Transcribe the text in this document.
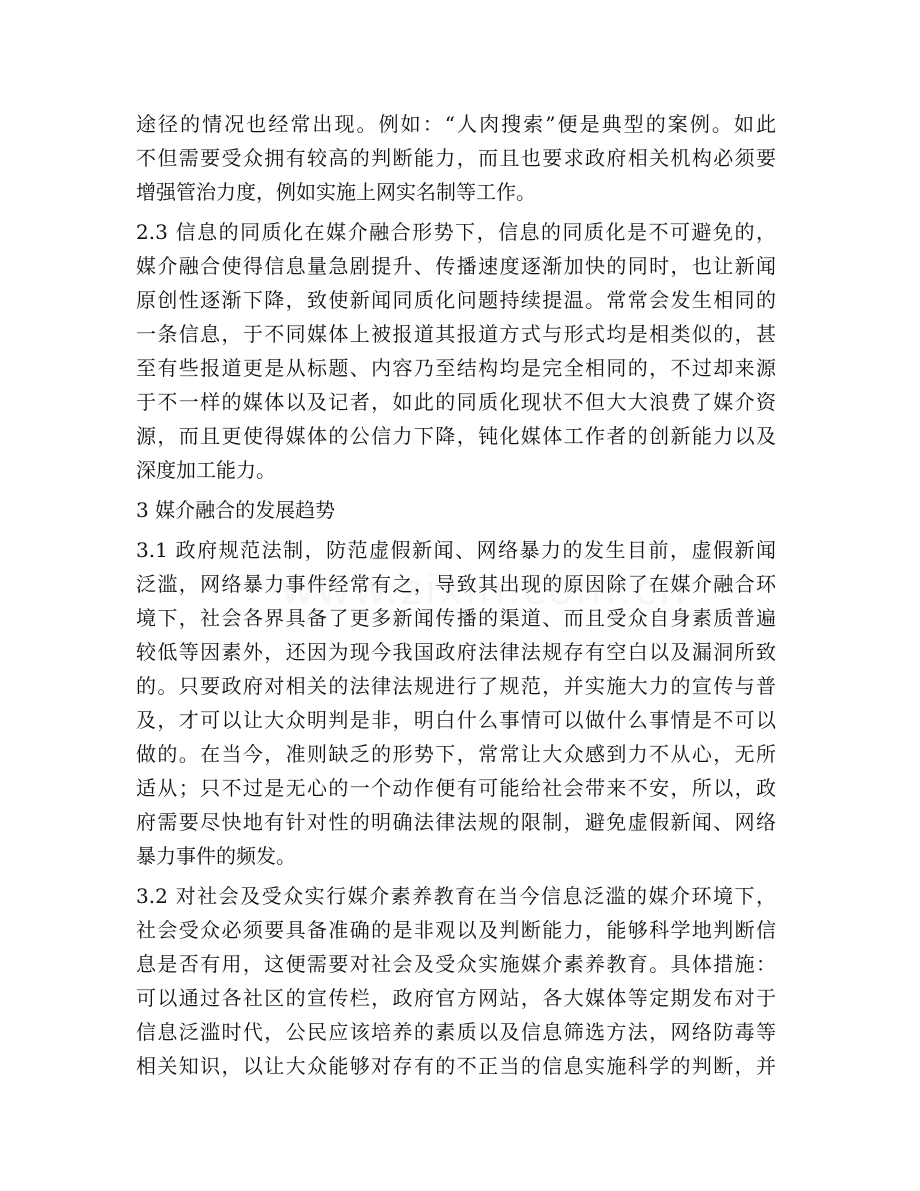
途径的情况也经常出现。例如：“人肉搜索”便是典型的案例。如此
不但需要受众拥有较高的判断能力，而且也要求政府相关机构必须要
增强管治力度，例如实施上网实名制等工作。
2.3 信息的同质化在媒介融合形势下，信息的同质化是不可避免的，
媒介融合使得信息量急剧提升、传播速度逐渐加快的同时，也让新闻
原创性逐渐下降，致使新闻同质化问题持续提温。常常会发生相同的
一条信息，于不同媒体上被报道其报道方式与形式均是相类似的，甚
至有些报道更是从标题、内容乃至结构均是完全相同的，不过却来源
于不一样的媒体以及记者，如此的同质化现状不但大大浪费了媒介资
源，而且更使得媒体的公信力下降，钝化媒体工作者的创新能力以及
深度加工能力。
3 媒介融合的发展趋势
3.1 政府规范法制，防范虚假新闻、网络暴力的发生目前，虚假新闻
泛滥，网络暴力事件经常有之，导致其出现的原因除了在媒介融合环
境下，社会各界具备了更多新闻传播的渠道、而且受众自身素质普遍
较低等因素外，还因为现今我国政府法律法规存有空白以及漏洞所致
的。只要政府对相关的法律法规进行了规范，并实施大力的宣传与普
及，才可以让大众明判是非，明白什么事情可以做什么事情是不可以
做的。在当今，准则缺乏的形势下，常常让大众感到力不从心，无所
适从；只不过是无心的一个动作便有可能给社会带来不安，所以，政
府需要尽快地有针对性的明确法律法规的限制，避免虚假新闻、网络
暴力事件的频发。
3.2 对社会及受众实行媒介素养教育在当今信息泛滥的媒介环境下，
社会受众必须要具备准确的是非观以及判断能力，能够科学地判断信
息是否有用，这便需要对社会及受众实施媒介素养教育。具体措施：
可以通过各社区的宣传栏，政府官方网站，各大媒体等定期发布对于
信息泛滥时代，公民应该培养的素质以及信息筛选方法，网络防毒等
相关知识，以让大众能够对存有的不正当的信息实施科学的判断，并
